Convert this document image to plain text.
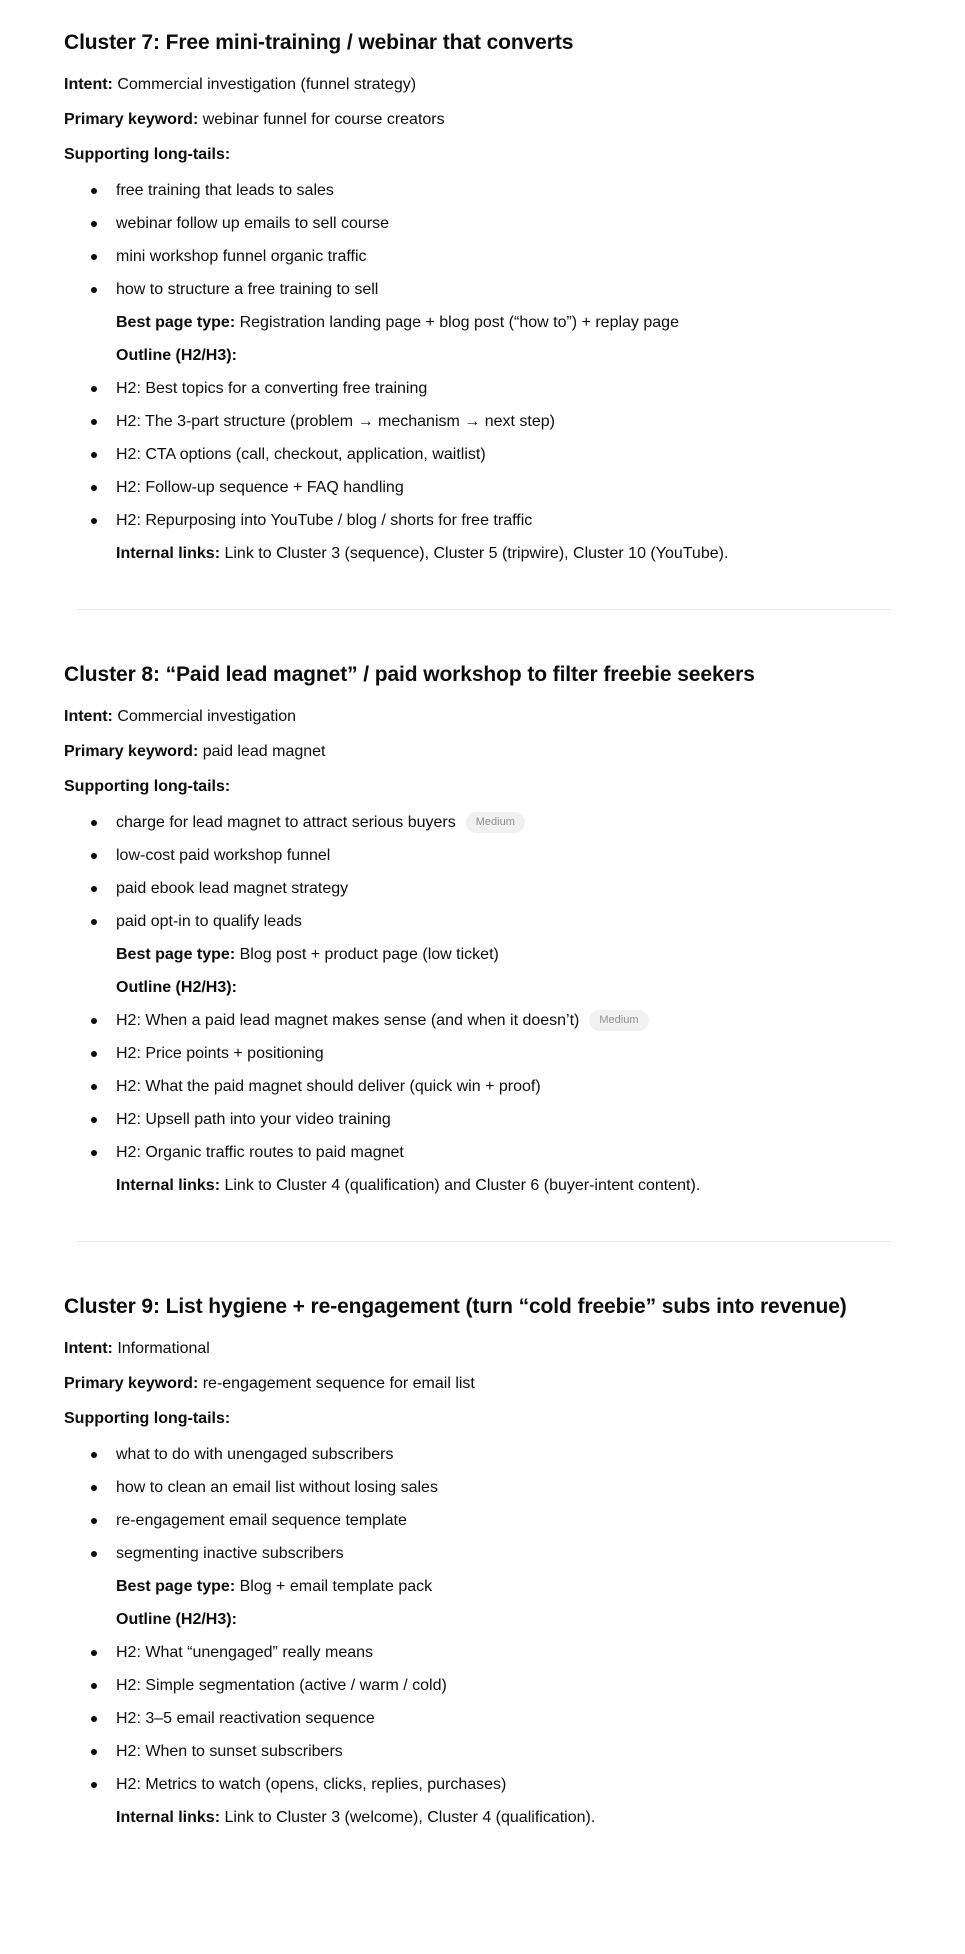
Cluster 7: Free mini-training / webinar that converts

Intent: Commercial investigation (funnel strategy)

Primary keyword: webinar funnel for course creators

Supporting long-tails:

free training that leads to sales
webinar follow up emails to sell course
mini workshop funnel organic traffic
how to structure a free training to sell
Best page type: Registration landing page + blog post (“how to”) + replay page
Outline (H2/H3):
H2: Best topics for a converting free training
H2: The 3-part structure (problem → mechanism → next step)
H2: CTA options (call, checkout, application, waitlist)
H2: Follow-up sequence + FAQ handling
H2: Repurposing into YouTube / blog / shorts for free traffic
Internal links: Link to Cluster 3 (sequence), Cluster 5 (tripwire), Cluster 10 (YouTube).
Cluster 8: “Paid lead magnet” / paid workshop to filter freebie seekers

Intent: Commercial investigation

Primary keyword: paid lead magnet

Supporting long-tails:

charge for lead magnet to attract serious buyers Medium
low-cost paid workshop funnel
paid ebook lead magnet strategy
paid opt-in to qualify leads
Best page type: Blog post + product page (low ticket)
Outline (H2/H3):
H2: When a paid lead magnet makes sense (and when it doesn’t) Medium
H2: Price points + positioning
H2: What the paid magnet should deliver (quick win + proof)
H2: Upsell path into your video training
H2: Organic traffic routes to paid magnet
Internal links: Link to Cluster 4 (qualification) and Cluster 6 (buyer-intent content).
Cluster 9: List hygiene + re-engagement (turn “cold freebie” subs into revenue)

Intent: Informational

Primary keyword: re-engagement sequence for email list

Supporting long-tails:

what to do with unengaged subscribers
how to clean an email list without losing sales
re-engagement email sequence template
segmenting inactive subscribers
Best page type: Blog + email template pack
Outline (H2/H3):
H2: What “unengaged” really means
H2: Simple segmentation (active / warm / cold)
H2: 3–5 email reactivation sequence
H2: When to sunset subscribers
H2: Metrics to watch (opens, clicks, replies, purchases)
Internal links: Link to Cluster 3 (welcome), Cluster 4 (qualification).
